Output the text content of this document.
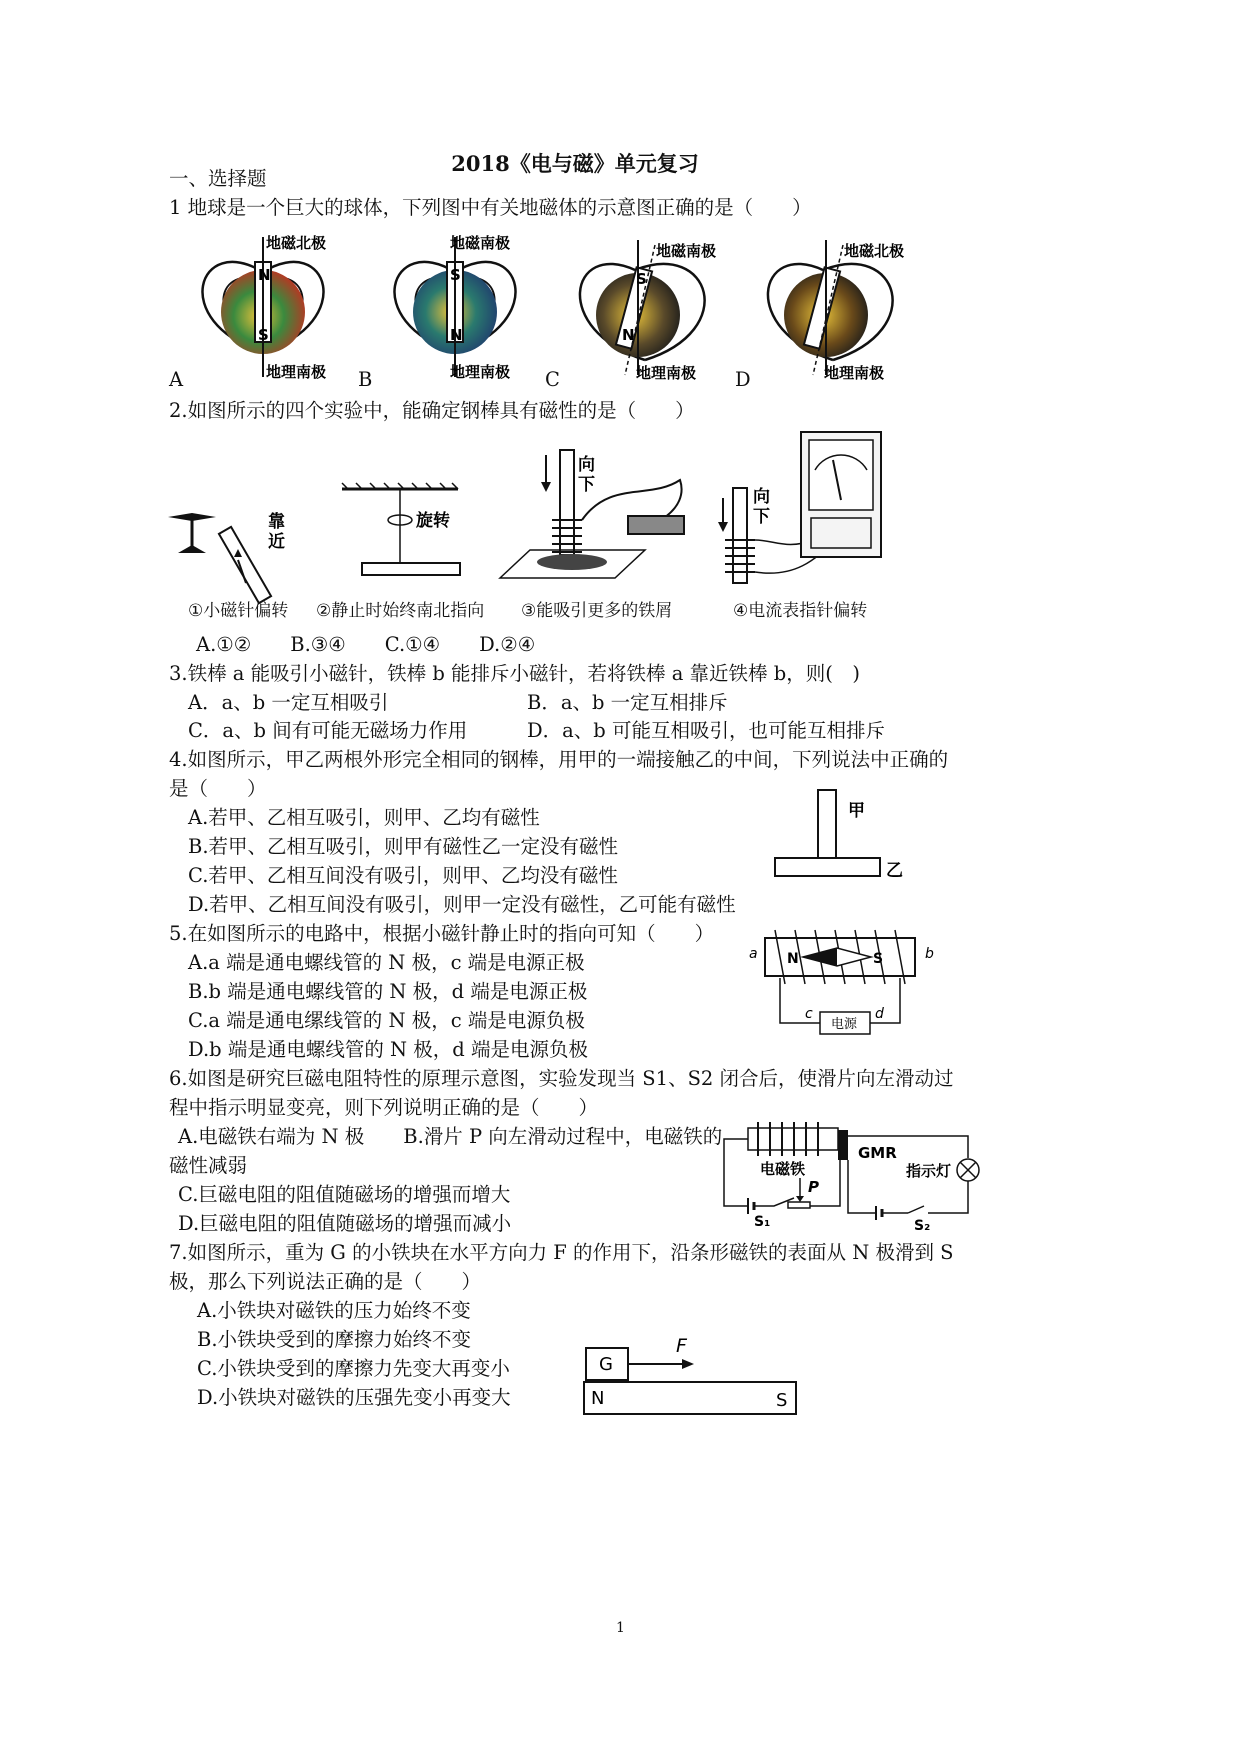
2018《电与磁》单元复习
一、选择题
1 地球是一个巨大的球体，下列图中有关地磁体的示意图正确的是（　　）
N
S
地磁北极
地理南极
A
S
N
地磁南极
地理南极
B
S
N
地磁南极
地理南极
C
地磁北极
地理南极
D
2.如图所示的四个实验中，能确定钢棒具有磁性的是（　　）
靠
近
旋转
向
下
向
下
①小磁针偏转 ②静止时始终南北指向 ③能吸引更多的铁屑	④电流表指针偏转
A.①②　　B.③④　　C.①④　　D.②④
3.铁棒 a 能吸引小磁针，铁棒 b 能排斥小磁针，若将铁棒 a 靠近铁棒 b，则(　)
A．a、b 一定互相吸引	B．a、b 一定互相排斥
C．a、b 间有可能无磁场力作用	D．a、b 可能互相吸引，也可能互相排斥
4.如图所示，甲乙两根外形完全相同的钢棒，用甲的一端接触乙的中间，下列说法中正确的
是（　　）
A.若甲、乙相互吸引，则甲、乙均有磁性
B.若甲、乙相互吸引，则甲有磁性乙一定没有磁性
C.若甲、乙相互间没有吸引，则甲、乙均没有磁性
D.若甲、乙相互间没有吸引，则甲一定没有磁性，乙可能有磁性
甲
乙
5.在如图所示的电路中，根据小磁针静止时的指向可知（　　）
A.a 端是通电螺线管的 N 极，c 端是电源正极
B.b 端是通电螺线管的 N 极，d 端是电源正极
C.a 端是通电缧线管的 N 极，c 端是电源负极
D.b 端是通电螺线管的 N 极，d 端是电源负极
N	S
a	b
电源
c	d
6.如图是研究巨磁电阻特性的原理示意图，实验发现当 S1、S2 闭合后，使滑片向左滑动过
程中指示明显变亮，则下列说明正确的是（　　）
A.电磁铁右端为 N 极　　B.滑片 P 向左滑动过程中，电磁铁的
磁性减弱
C.巨磁电阻的阻值随磁场的增强而增大
D.巨磁电阻的阻值随磁场的增强而减小
电磁铁
GMR
P
S₁
指示灯
S₂
7.如图所示，重为 G 的小铁块在水平方向力 F 的作用下，沿条形磁铁的表面从 N 极滑到 S
极，那么下列说法正确的是（　　）
A.小铁块对磁铁的压力始终不变
B.小铁块受到的摩擦力始终不变
C.小铁块受到的摩擦力先变大再变小
D.小铁块对磁铁的压强先变小再变大
G
F
N	S
1
